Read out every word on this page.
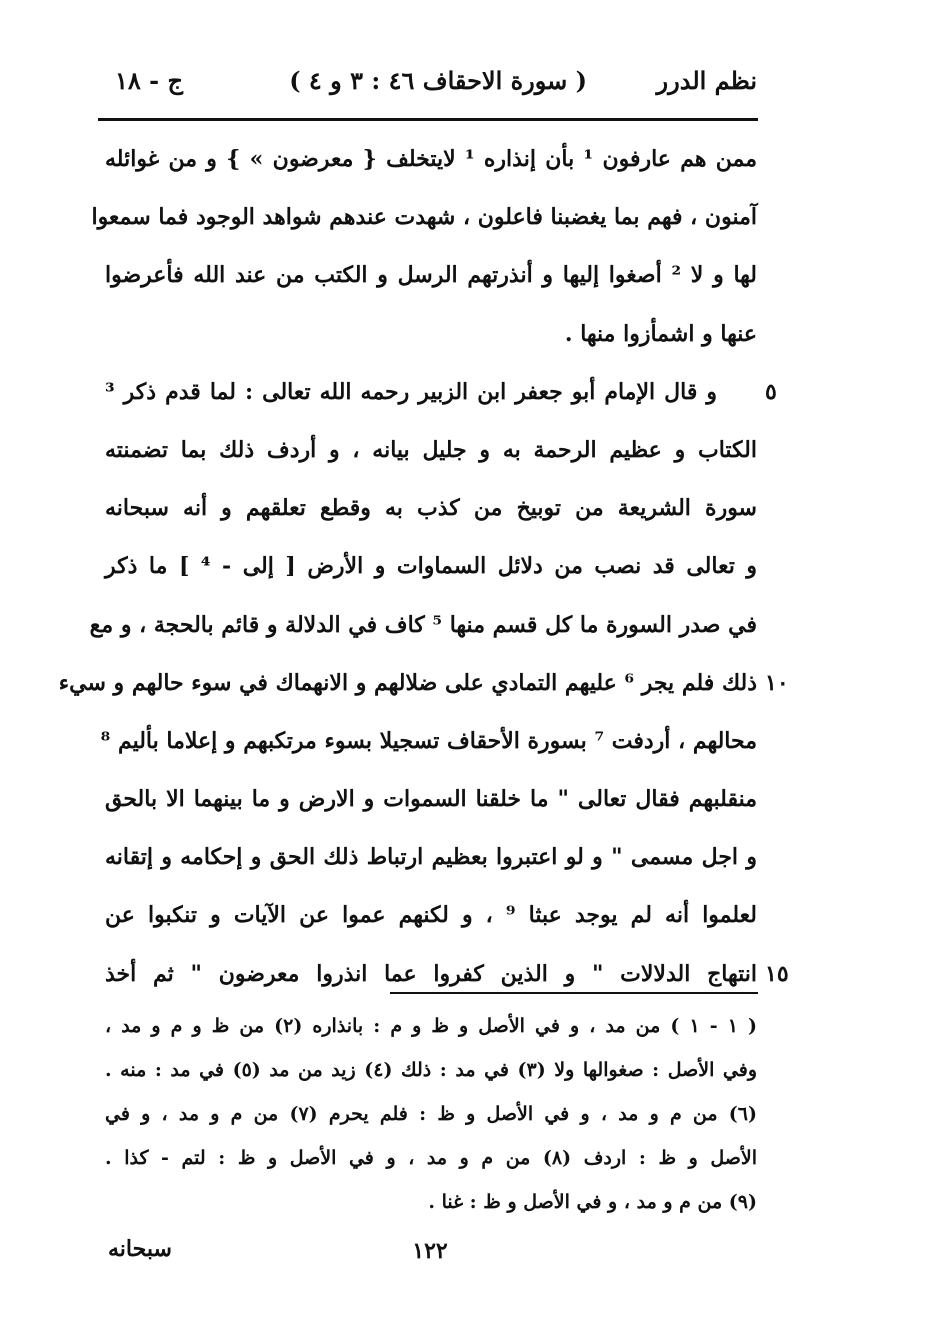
نظم الدرر
( سورة الاحقاف ٤٦ : ٣ و ٤ )
ج - ١٨
ممن هم عارفون ¹ بأن إنذاره ¹ لايتخلف { معرضون » } و من غوائله
آمنون ، فهم بما يغضبنا فاعلون ، شهدت عندهم شواهد الوجود فما سمعوا
لها و لا ² أصغوا إليها و أنذرتهم الرسل و الكتب من عند الله فأعرضوا
عنها و اشمأزوا منها .
و قال الإمام أبو جعفر ابن الزبير رحمه الله تعالى : لما قدم ذكر ³
الكتاب و عظيم الرحمة به و جليل بيانه ، و أردف ذلك بما تضمنته
سورة الشريعة من توبيخ من كذب به وقطع تعلقهم و أنه سبحانه
و تعالى قد نصب من دلائل السماوات و الأرض [ إلى - ⁴ ] ما ذكر
في صدر السورة ما كل قسم منها ⁵ كاف في الدلالة و قائم بالحجة ، و مع
ذلك فلم يجر ⁶ عليهم التمادي على ضلالهم و الانهماك في سوء حالهم و سيء
محالهم ، أردفت ⁷ بسورة الأحقاف تسجيلا بسوء مرتكبهم و إعلاما بأليم ⁸
منقلبهم فقال تعالى " ما خلقنا السموات و الارض و ما بينهما الا بالحق
و اجل مسمى " و لو اعتبروا بعظيم ارتباط ذلك الحق و إحكامه و إتقانه
لعلموا أنه لم يوجد عبثا ⁹ ، و لكنهم عموا عن الآيات و تنكبوا عن
انتهاج الدلالات " و الذين كفروا عما انذروا معرضون " ثم أخذ
٥
١٠
١٥
( ١ - ١ ) من مد ، و في الأصل و ظ و م : بانذاره (٢) من ظ و م و مد ،
وفي الأصل : صغوالها ولا (٣) في مد : ذلك (٤) زيد من مد (٥) في مد : منه .
(٦) من م و مد ، و في الأصل و ظ : فلم يحرم (٧) من م و مد ، و في
الأصل و ظ : اردف (٨) من م و مد ، و في الأصل و ظ : لتم - كذا .
(٩) من م و مد ، و في الأصل و ظ : غنا .
١٢٢
سبحانه
